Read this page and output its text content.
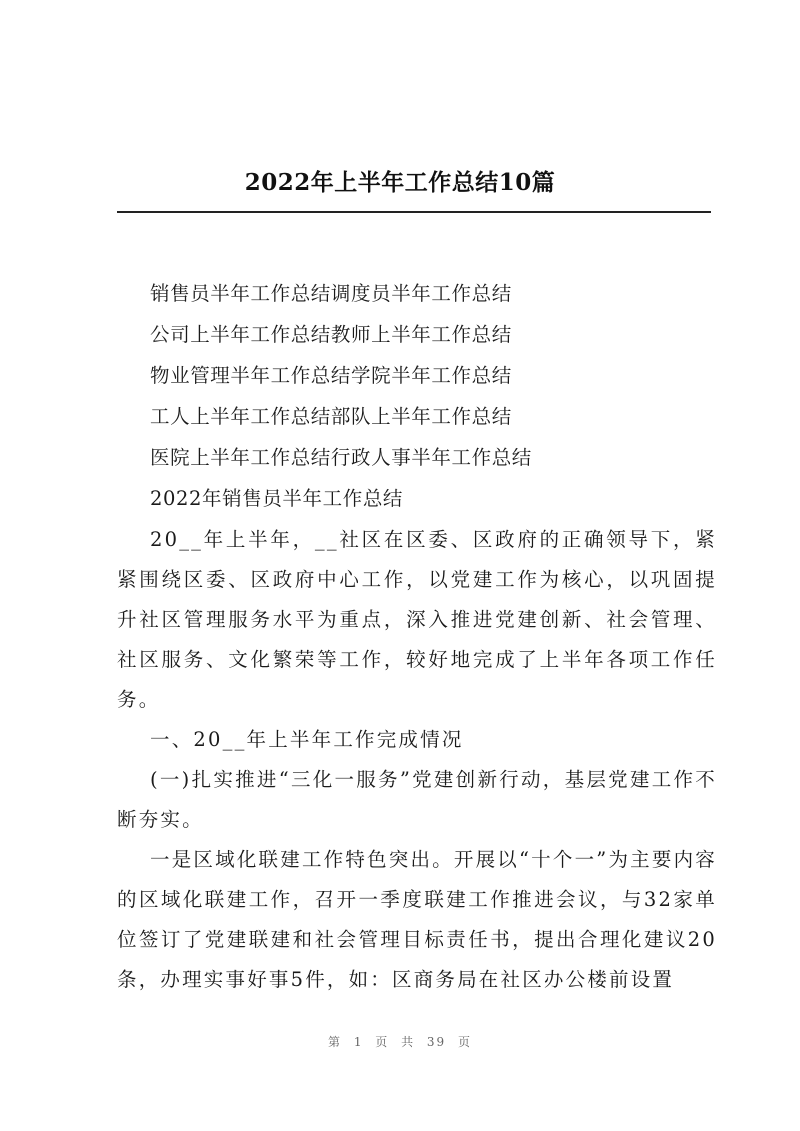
2022年上半年工作总结10篇
销售员半年工作总结调度员半年工作总结
公司上半年工作总结教师上半年工作总结
物业管理半年工作总结学院半年工作总结
工人上半年工作总结部队上半年工作总结
医院上半年工作总结行政人事半年工作总结
2022年销售员半年工作总结

20__年上半年，__社区在区委、区政府的正确领导下，紧紧围绕区委、区政府中心工作，以党建工作为核心，以巩固提升社区管理服务水平为重点，深入推进党建创新、社会管理、社区服务、文化繁荣等工作，较好地完成了上半年各项工作任务。

一、20__年上半年工作完成情况

(一)扎实推进“三化一服务”党建创新行动，基层党建工作不断夯实。

一是区域化联建工作特色突出。开展以“十个一”为主要内容的区域化联建工作，召开一季度联建工作推进会议，与32家单位签订了党建联建和社会管理目标责任书，提出合理化建议20条，办理实事好事5件，如：区商务局在社区办公楼前设置

第 1 页 共 39 页
